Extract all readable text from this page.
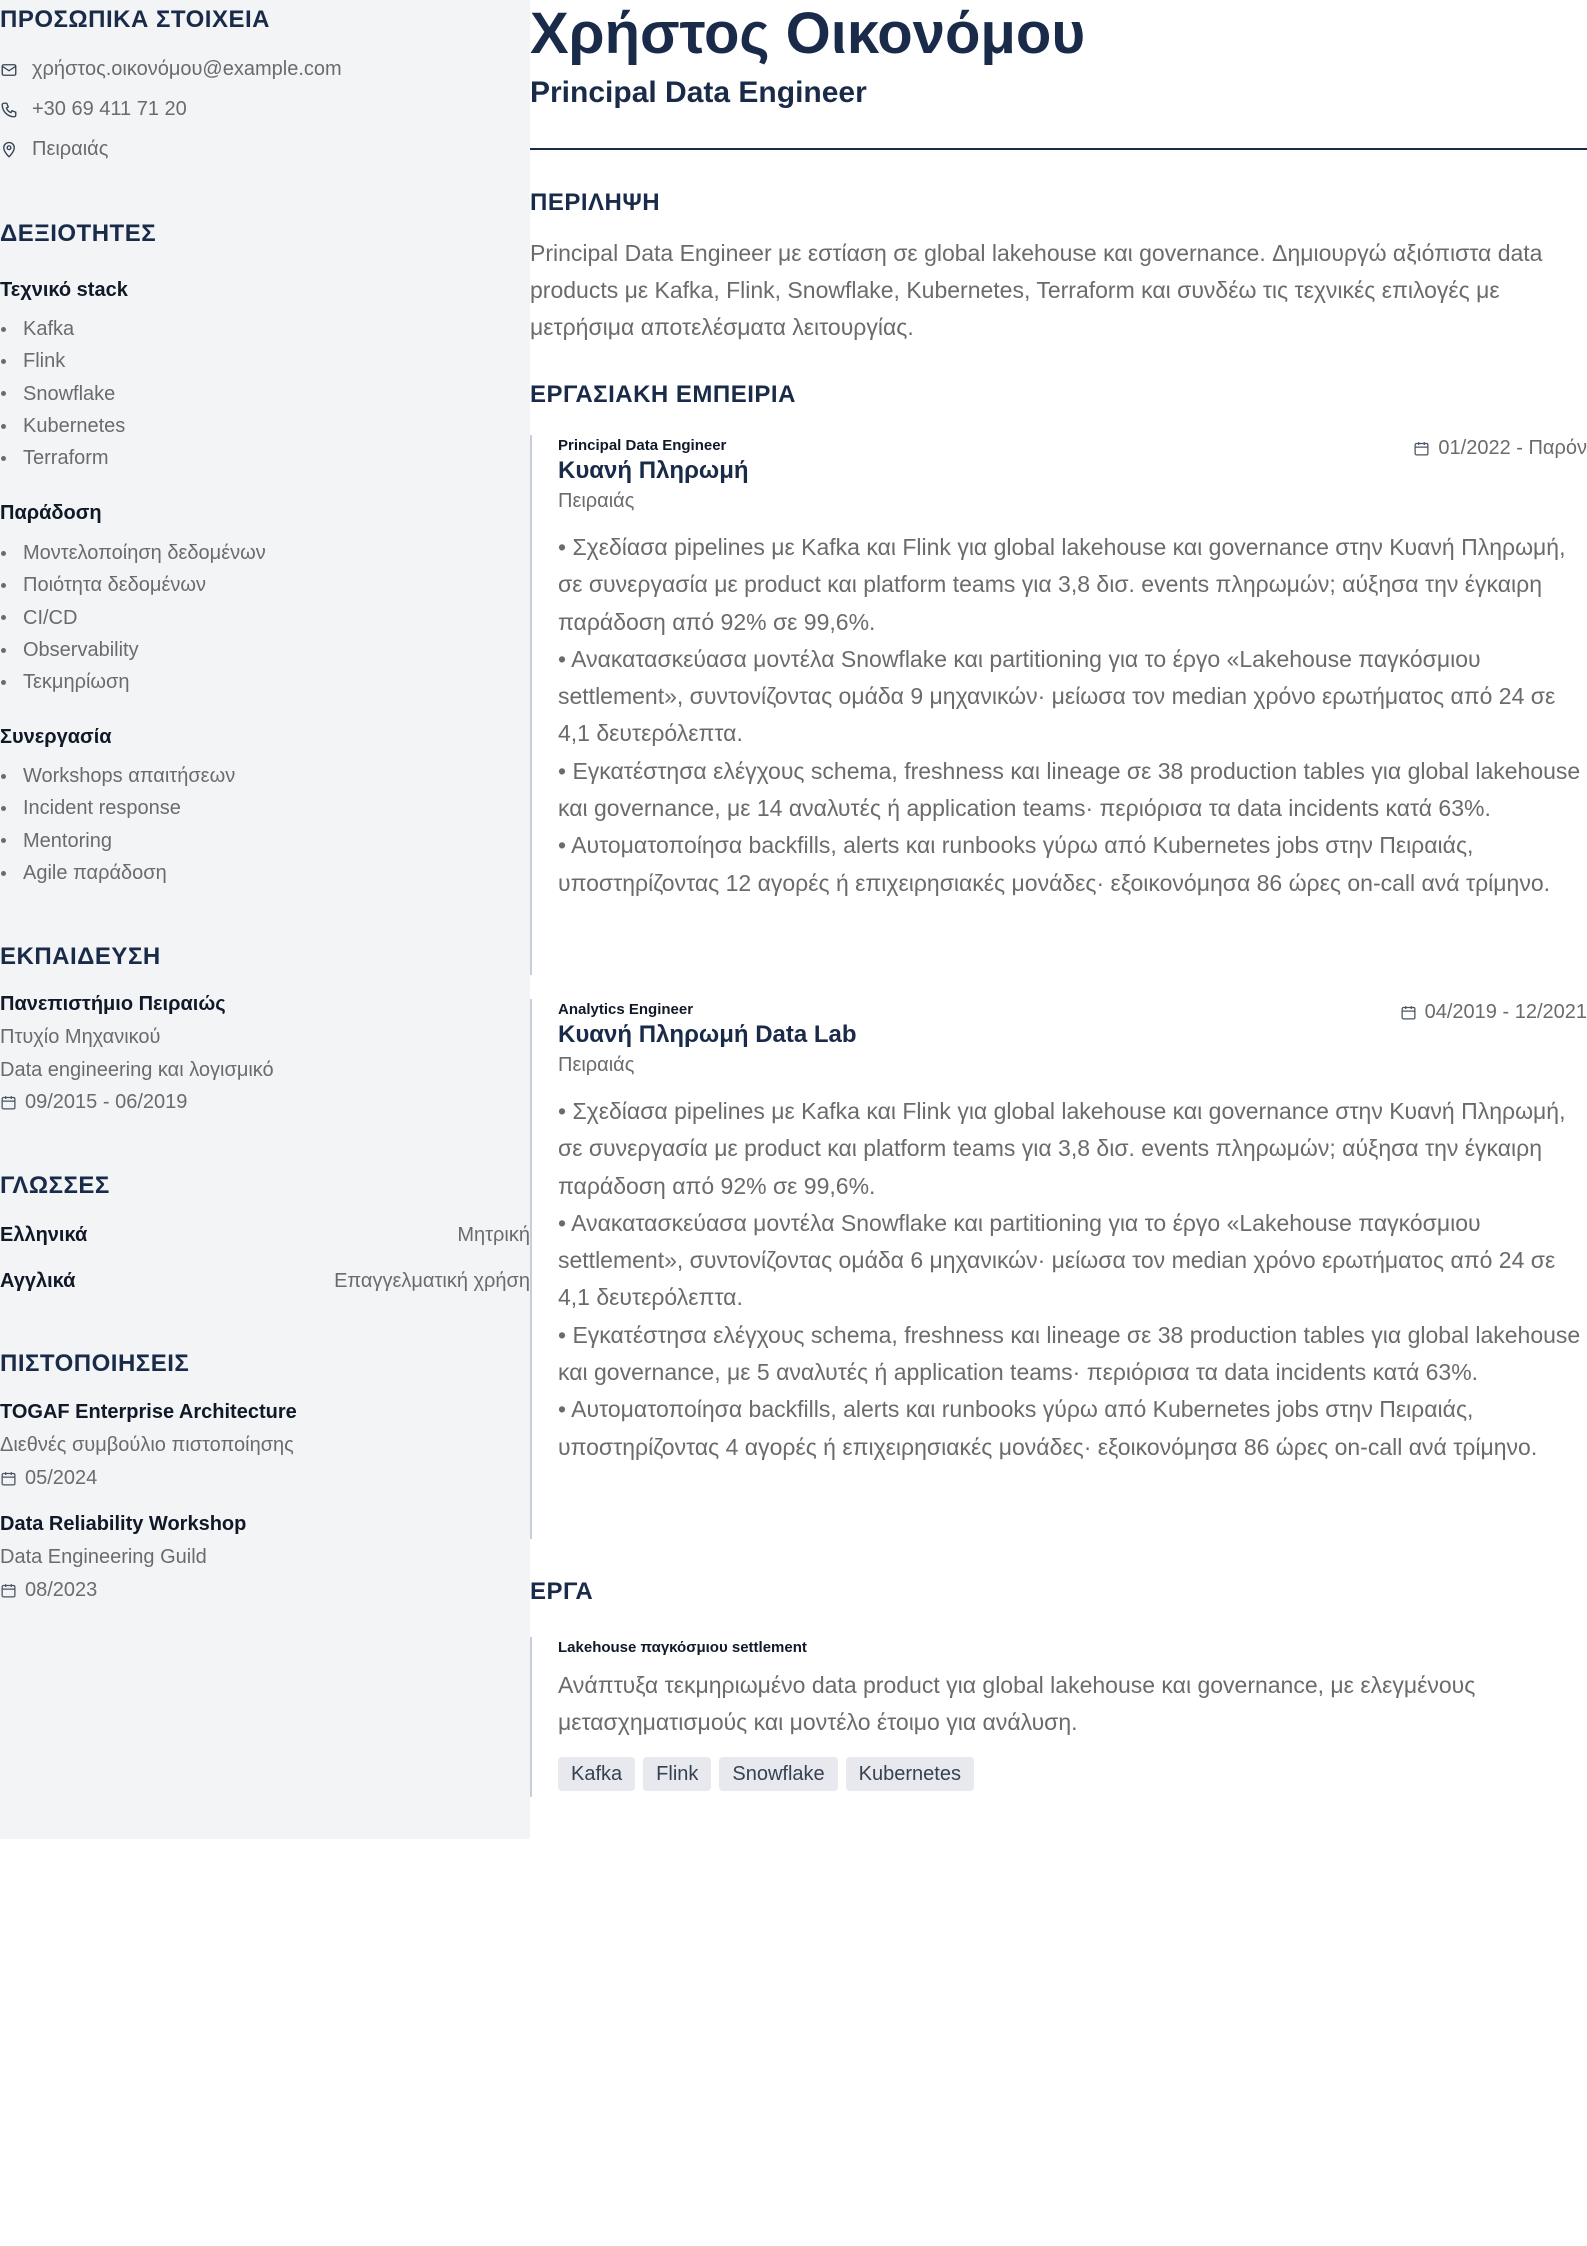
ΠΡΟΣΩΠΙΚΑ ΣΤΟΙΧΕΙΑ
χρήστος.οικονόμου@example.com
+30 69 411 71 20
Πειραιάς
ΔΕΞΙΟΤΗΤΕΣ
Τεχνικό stack
Kafka
Flink
Snowflake
Kubernetes
Terraform
Παράδοση
Μοντελοποίηση δεδομένων
Ποιότητα δεδομένων
CI/CD
Observability
Τεκμηρίωση
Συνεργασία
Workshops απαιτήσεων
Incident response
Mentoring
Agile παράδοση
ΕΚΠΑΙΔΕΥΣΗ
Πανεπιστήμιο Πειραιώς
Πτυχίο Μηχανικού
Data engineering και λογισμικό
09/2015 - 06/2019
ΓΛΩΣΣΕΣ
Ελληνικά	Μητρική
Αγγλικά	Επαγγελματική χρήση
ΠΙΣΤΟΠΟΙΗΣΕΙΣ
TOGAF Enterprise Architecture
Διεθνές συμβούλιο πιστοποίησης
05/2024
Data Reliability Workshop
Data Engineering Guild
08/2023
Χρήστος Οικονόμου
Principal Data Engineer
ΠΕΡΙΛΗΨΗ

Principal Data Engineer με εστίαση σε global lakehouse και governance. Δημιουργώ αξιόπιστα data products με Kafka, Flink, Snowflake, Kubernetes, Terraform και συνδέω τις τεχνικές επιλογές με μετρήσιμα αποτελέσματα λειτουργίας.

ΕΡΓΑΣΙΑΚΗ ΕΜΠΕΙΡΙΑ
Principal Data Engineer
Κυανή Πληρωμή
Πειραιάς
01/2022 - Παρόν

• Σχεδίασα pipelines με Kafka και Flink για global lakehouse και governance στην Κυανή Πληρωμή, σε συνεργασία με product και platform teams για 3,8 δισ. events πληρωμών; αύξησα την έγκαιρη παράδοση από 92% σε 99,6%.

• Ανακατασκεύασα μοντέλα Snowflake και partitioning για το έργο «Lakehouse παγκόσμιου settlement», συντονίζοντας ομάδα 9 μηχανικών· μείωσα τον median χρόνο ερωτήματος από 24 σε 4,1 δευτερόλεπτα.

• Εγκατέστησα ελέγχους schema, freshness και lineage σε 38 production tables για global lakehouse και governance, με 14 αναλυτές ή application teams· περιόρισα τα data incidents κατά 63%.

• Αυτοματοποίησα backfills, alerts και runbooks γύρω από Kubernetes jobs στην Πειραιάς, υποστηρίζοντας 12 αγορές ή επιχειρησιακές μονάδες· εξοικονόμησα 86 ώρες on-call ανά τρίμηνο.

Analytics Engineer
Κυανή Πληρωμή Data Lab
Πειραιάς
04/2019 - 12/2021

• Σχεδίασα pipelines με Kafka και Flink για global lakehouse και governance στην Κυανή Πληρωμή, σε συνεργασία με product και platform teams για 3,8 δισ. events πληρωμών; αύξησα την έγκαιρη παράδοση από 92% σε 99,6%.

• Ανακατασκεύασα μοντέλα Snowflake και partitioning για το έργο «Lakehouse παγκόσμιου settlement», συντονίζοντας ομάδα 6 μηχανικών· μείωσα τον median χρόνο ερωτήματος από 24 σε 4,1 δευτερόλεπτα.

• Εγκατέστησα ελέγχους schema, freshness και lineage σε 38 production tables για global lakehouse και governance, με 5 αναλυτές ή application teams· περιόρισα τα data incidents κατά 63%.

• Αυτοματοποίησα backfills, alerts και runbooks γύρω από Kubernetes jobs στην Πειραιάς, υποστηρίζοντας 4 αγορές ή επιχειρησιακές μονάδες· εξοικονόμησα 86 ώρες on-call ανά τρίμηνο.

ΕΡΓΑ
Lakehouse παγκόσμιου settlement
Ανάπτυξα τεκμηριωμένο data product για global lakehouse και governance, με ελεγμένους μετασχηματισμούς και μοντέλο έτοιμο για ανάλυση.
Kafka	Flink	Snowflake	Kubernetes
